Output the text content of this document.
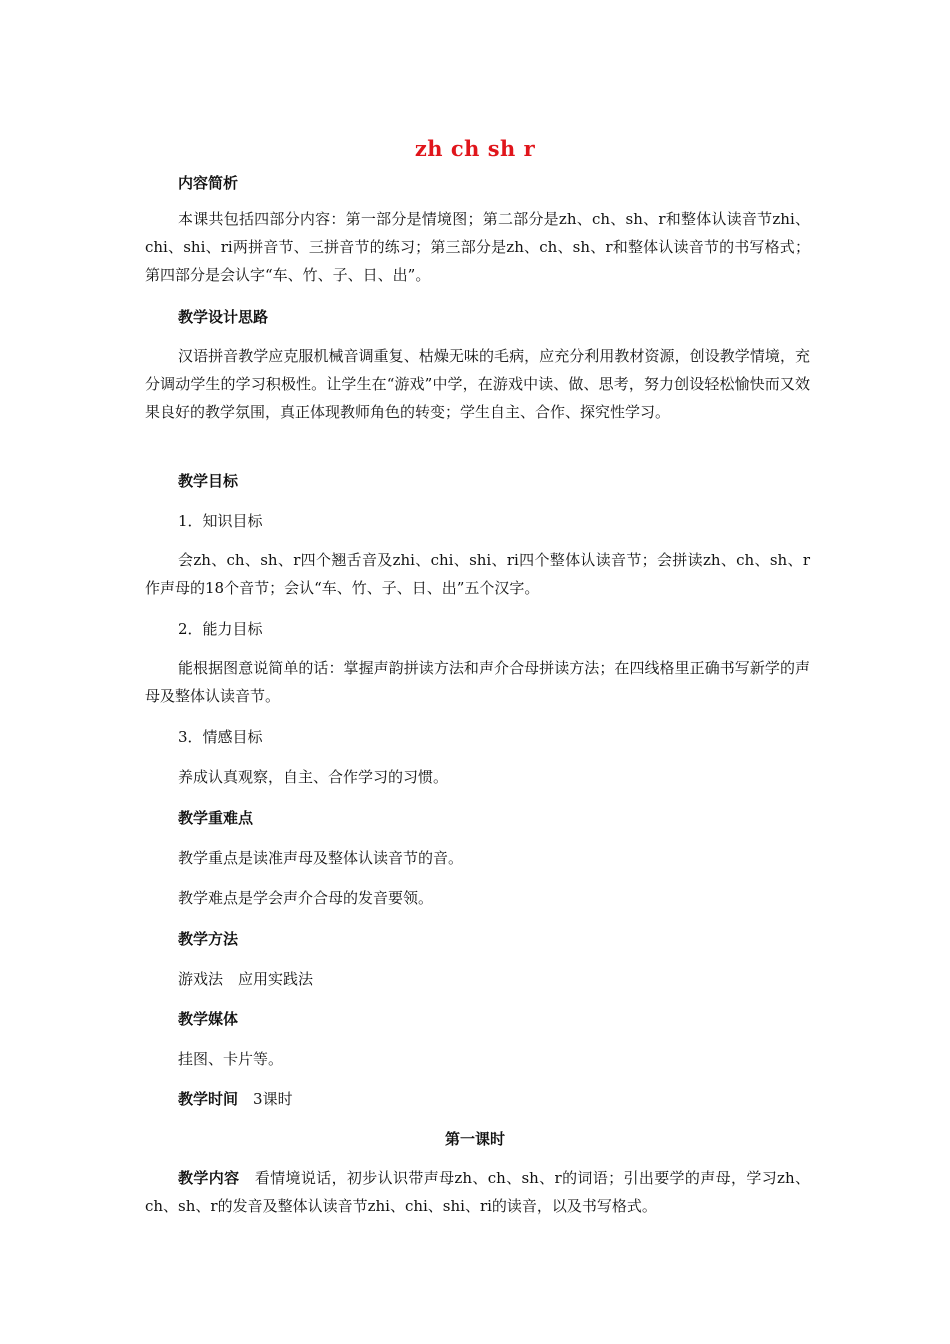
zh ch sh r

内容简析

本课共包括四部分内容：第一部分是情境图；第二部分是zh、ch、sh、r和整体认读音节zhi、chi、shi、ri两拼音节、三拼音节的练习；第三部分是zh、ch、sh、r和整体认读音节的书写格式；第四部分是会认字“车、竹、子、日、出”。

教学设计思路

汉语拼音教学应克服机械音调重复、枯燥无味的毛病，应充分利用教材资源，创设教学情境，充分调动学生的学习积极性。让学生在“游戏”中学，在游戏中读、做、思考，努力创设轻松愉快而又效果良好的教学氛围，真正体现教师角色的转变；学生自主、合作、探究性学习。

教学目标

1．知识目标

会zh、ch、sh、r四个翘舌音及zhi、chi、shi、ri四个整体认读音节；会拼读zh、ch、sh、r作声母的18个音节；会认“车、竹、子、日、出”五个汉字。

2．能力目标

能根据图意说简单的话：掌握声韵拼读方法和声介合母拼读方法；在四线格里正确书写新学的声母及整体认读音节。

3．情感目标

养成认真观察，自主、合作学习的习惯。

教学重难点

教学重点是读准声母及整体认读音节的音。

教学难点是学会声介合母的发音要领。

教学方法

游戏法　应用实践法

教学媒体

挂图、卡片等。

教学时间　 3课时

第一课时

教学内容　 看情境说话，初步认识带声母zh、ch、sh、r的词语；引出要学的声母，学习zh、ch、sh、r的发音及整体认读音节zhi、chi、shi、ri的读音，以及书写格式。
